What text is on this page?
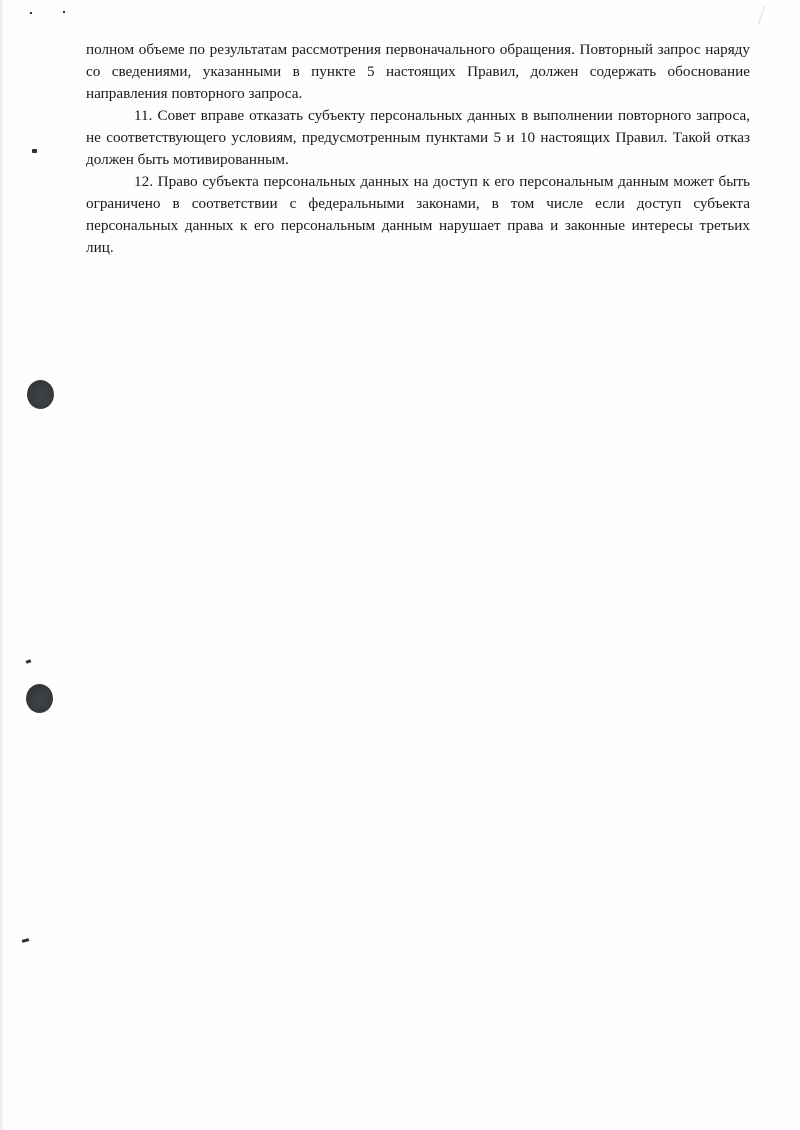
полном объеме по результатам рассмотрения первоначального обращения. Повторный запрос наряду со сведениями, указанными в пункте 5 настоящих Правил, должен содержать обоснование направления повторного запроса.

11. Совет вправе отказать субъекту персональных данных в выполнении повторного запроса, не соответствующего условиям, предусмотренным пунктами 5 и 10 настоящих Правил. Такой отказ должен быть мотивированным.

12. Право субъекта персональных данных на доступ к его персональным данным может быть ограничено в соответствии с федеральными законами, в том числе если доступ субъекта персональных данных к его персональным данным нарушает права и законные интересы третьих лиц.
